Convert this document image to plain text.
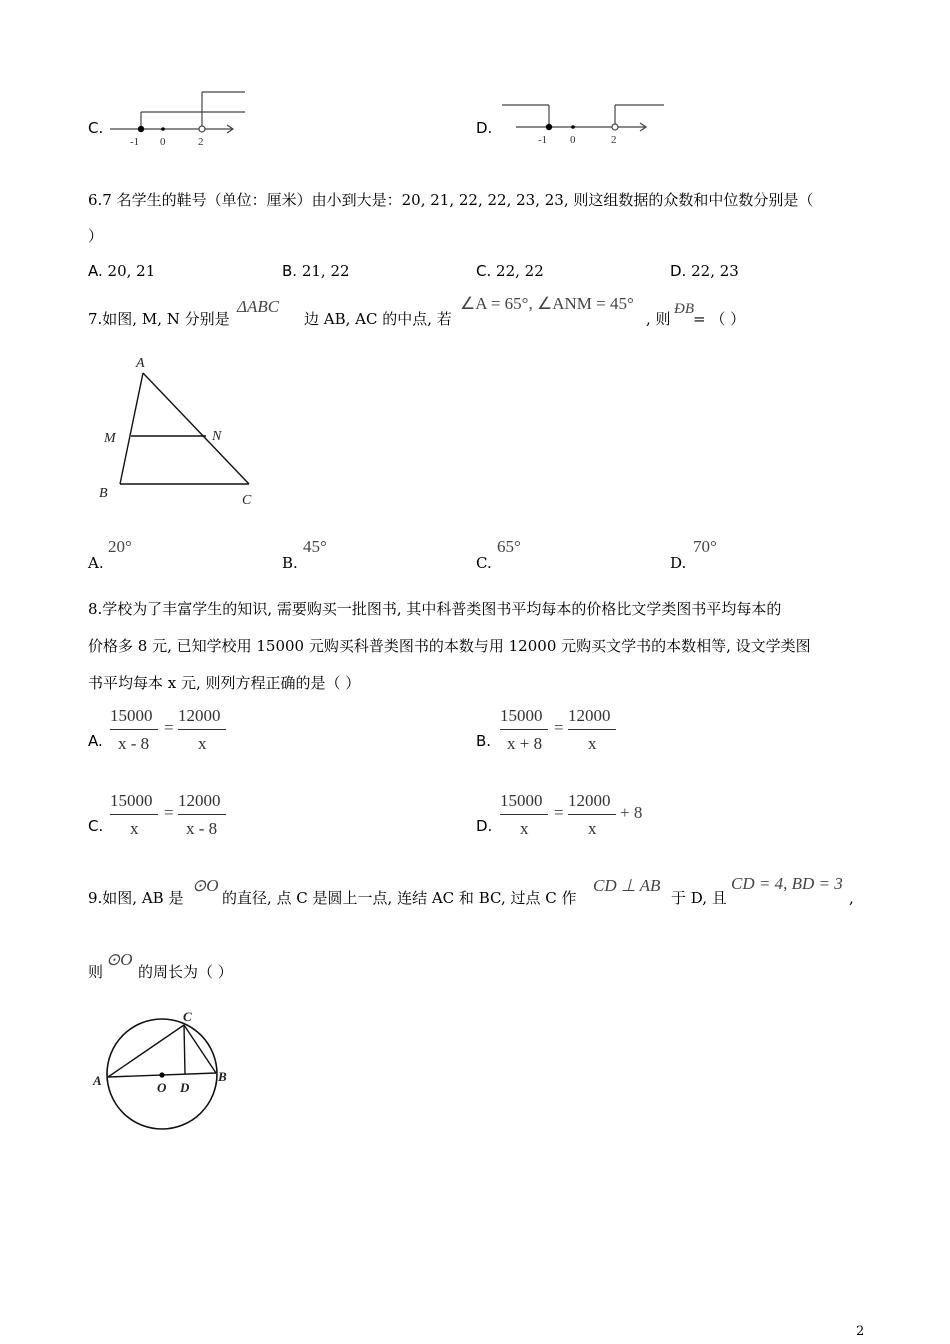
C.
-1 0	2
D.
-1 0	2
6.7 名学生的鞋号（单位：厘米）由小到大是：20, 21, 22, 22, 23, 23, 则这组数据的众数和中位数分别是（
）
A. 20, 21	B. 21, 22	C. 22, 22	D. 22, 23
7.如图, M, N 分别是
ΔABC
边 AB, AC 的中点, 若
∠A = 65°, ∠ANM = 45°
, 则
ÐB
= （ ）
A
M	N
B	C
A.
20°
B.
45°
C.
65°
D.
70°
8.学校为了丰富学生的知识, 需要购买一批图书, 其中科普类图书平均每本的价格比文学类图书平均每本的
价格多 8 元, 已知学校用 15000 元购买科普类图书的本数与用 12000 元购买文学书的本数相等, 设文学类图
书平均每本 x 元, 则列方程正确的是（ ）
A.
15000
x - 8
=
12000
x	B.
15000
x + 8
=
12000
x
C.
15000
x
=
12000
x - 8	D.
15000
x
=
12000
x
+ 8
9.如图, AB 是
⊙O
的直径, 点 C 是圆上一点, 连结 AC 和 BC, 过点 C 作
CD ⊥ AB
于 D, 且
CD = 4, BD = 3
,
则
⊙O
的周长为（ ）
C
A	B
O D
2
